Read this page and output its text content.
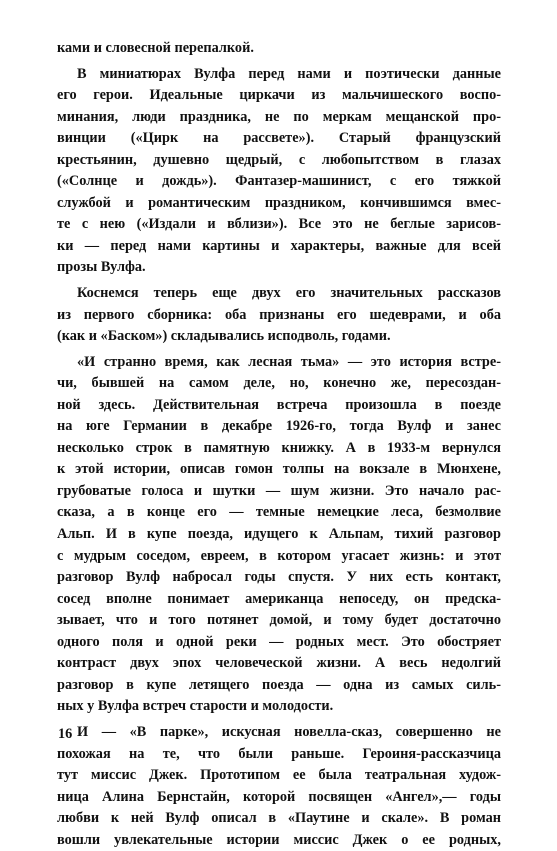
ками и словесной перепалкой.
В миниатюрах Вулфа перед нами и поэтически данные
его герои. Идеальные циркачи из мальчишеского воспо-
минания, люди праздника, не по меркам мещанской про-
винции («Цирк на рассвете»). Старый французский
крестьянин, душевно щедрый, с любопытством в глазах
(«Солнце и дождь»). Фантазер-машинист, с его тяжкой
службой и романтическим праздником, кончившимся вмес-
те с нею («Издали и вблизи»). Все это не беглые зарисов-
ки — перед нами картины и характеры, важные для всей
прозы Вулфа.
Коснемся теперь еще двух его значительных рассказов
из первого сборника: оба признаны его шедеврами, и оба
(как и «Баском») складывались исподволь, годами.
«И странно время, как лесная тьма» — это история встре-
чи, бывшей на самом деле, но, конечно же, пересоздан-
ной здесь. Действительная встреча произошла в поезде
на юге Германии в декабре 1926-го, тогда Вулф и занес
несколько строк в памятную книжку. А в 1933-м вернулся
к этой истории, описав гомон толпы на вокзале в Мюнхене,
грубоватые голоса и шутки — шум жизни. Это начало рас-
сказа, а в конце его — темные немецкие леса, безмолвие
Альп. И в купе поезда, идущего к Альпам, тихий разговор
с мудрым соседом, евреем, в котором угасает жизнь: и этот
разговор Вулф набросал годы спустя. У них есть контакт,
сосед вполне понимает американца непоседу, он предска-
зывает, что и того потянет домой, и тому будет достаточно
одного поля и одной реки — родных мест. Это обостряет
контраст двух эпох человеческой жизни. А весь недолгий
разговор в купе летящего поезда — одна из самых силь-
ных у Вулфа встреч старости и молодости.
И — «В парке», искусная новелла-сказ, совершенно не
похожая на те, что были раньше. Героиня-рассказчица
тут миссис Джек. Прототипом ее была театральная худож-
ница Алина Бернстайн, которой посвящен «Ангел»,— годы
любви к ней Вулф описал в «Паутине и скале». В роман
вошли увлекательные истории миссис Джек о ее родных,
16
